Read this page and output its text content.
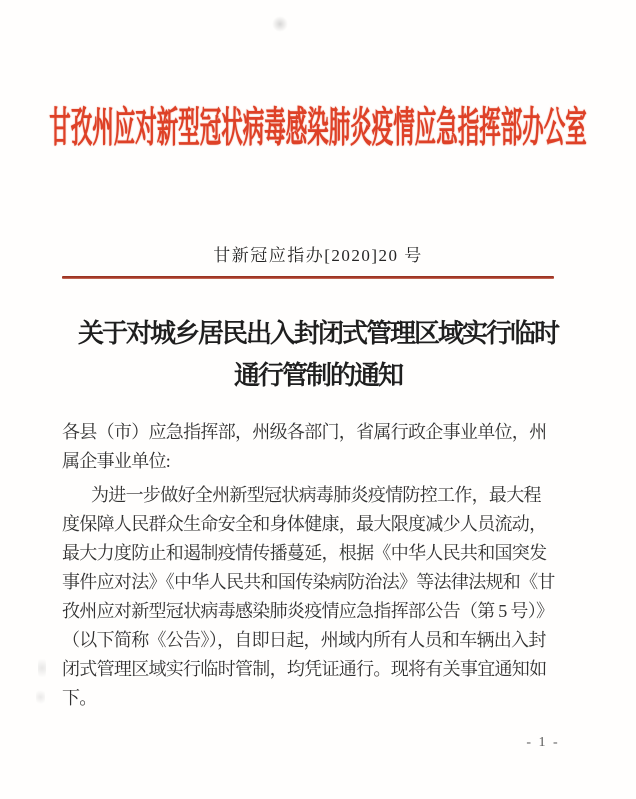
甘孜州应对新型冠状病毒感染肺炎疫情应急指挥部办公室
甘新冠应指办[2020]20 号
关于对城乡居民出入封闭式管理区域实行临时
通行管制的通知
各县（市）应急指挥部，州级各部门，省属行政企事业单位，州
属企事业单位:
为进一步做好全州新型冠状病毒肺炎疫情防控工作，最大程
度保障人民群众生命安全和身体健康，最大限度减少人员流动，
最大力度防止和遏制疫情传播蔓延，根据《中华人民共和国突发
事件应对法》《中华人民共和国传染病防治法》等法律法规和《甘
孜州应对新型冠状病毒感染肺炎疫情应急指挥部公告（第 5 号）》
（以下简称《公告》），自即日起，州域内所有人员和车辆出入封
闭式管理区域实行临时管制，均凭证通行。现将有关事宜通知如
下。
- 1 -
